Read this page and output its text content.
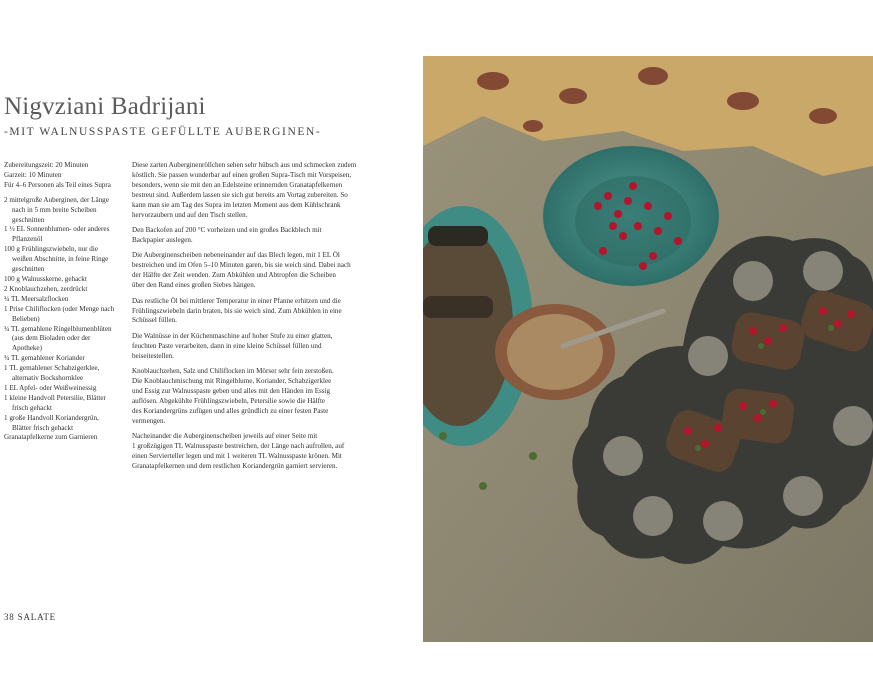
Nigvziani Badrijani
-MIT WALNUSSPASTE GEFÜLLTE AUBERGINEN-
Zubereitungszeit: 20 Minuten
Garzeit: 10 Minuten
Für 4–6 Personen als Teil eines Supra
2 mittelgroße Auberginen, der Länge
nach in 5 mm breite Scheiben
geschnitten
1 ½ EL Sonnenblumen- oder anderes
Pflanzenöl
100 g Frühlingszwiebeln, nur die
weißen Abschnitte, in feine Ringe
geschnitten
100 g Walnusskerne, gehackt
2 Knoblauchzehen, zerdrückt
¾ TL Meersalzflocken
1 Prise Chiliflocken (oder Menge nach
Belieben)
¾ TL gemahlene Ringelblumenblüten
(aus dem Bioladen oder der
Apotheke)
¾ TL gemahlener Koriander
1 TL gemahlener Schabzigerklee,
alternativ Bockshornklee
1 EL Apfel- oder Weißweinessig
1 kleine Handvoll Petersilie, Blätter
frisch gehackt
1 große Handvoll Koriandergrün,
Blätter frisch gehackt
Granatapfelkerne zum Garnieren
Diese zarten Auberginenröllchen sehen sehr hübsch aus und schmecken zudem
köstlich. Sie passen wunderbar auf einen großen Supra-Tisch mit Vorspeisen,
besonders, wenn sie mit den an Edelsteine erinnernden Granatapfelkernen
bestreut sind. Außerdem lassen sie sich gut bereits am Vortag zubereiten. So
kann man sie am Tag des Supra im letzten Moment aus dem Kühlschrank
hervorzaubern und auf den Tisch stellen.
Den Backofen auf 200 °C vorheizen und ein großes Backblech mit
Backpapier auslegen.
Die Auberginenscheiben nebeneinander auf das Blech legen, mit 1 EL Öl
bestreichen und im Ofen 5–10 Minuten garen, bis sie weich sind. Dabei nach
der Hälfte der Zeit wenden. Zum Abkühlen und Abtropfen die Scheiben
über den Rand eines großen Siebes hängen.
Das restliche Öl bei mittlerer Temperatur in einer Pfanne erhitzen und die
Frühlingszwiebeln darin braten, bis sie weich sind. Zum Abkühlen in eine
Schüssel füllen.
Die Walnüsse in der Küchenmaschine auf hoher Stufe zu einer glatten,
feuchten Paste verarbeiten, dann in eine kleine Schüssel füllen und
beiseitestellen.
Knoblauchzehen, Salz und Chiliflocken im Mörser sehr fein zerstoßen.
Die Knoblauchmischung mit Ringelblume, Koriander, Schabzigerklee
und Essig zur Walnusspaste geben und alles mit den Händen im Essig
auflösen. Abgekühlte Frühlingszwiebeln, Petersilie sowie die Hälfte
des Koriandergrüns zufügen und alles gründlich zu einer festen Paste
vermengen.
Nacheinander die Auberginenscheiben jeweils auf einer Seite mit
1 großzügigen TL Walnusspaste bestreichen, der Länge nach aufrollen, auf
einen Servierteller legen und mit 1 weiteren TL Walnusspaste krönen. Mit
Granatapfelkernen und dem restlichen Koriandergrün garniert servieren.
38 SALATE
